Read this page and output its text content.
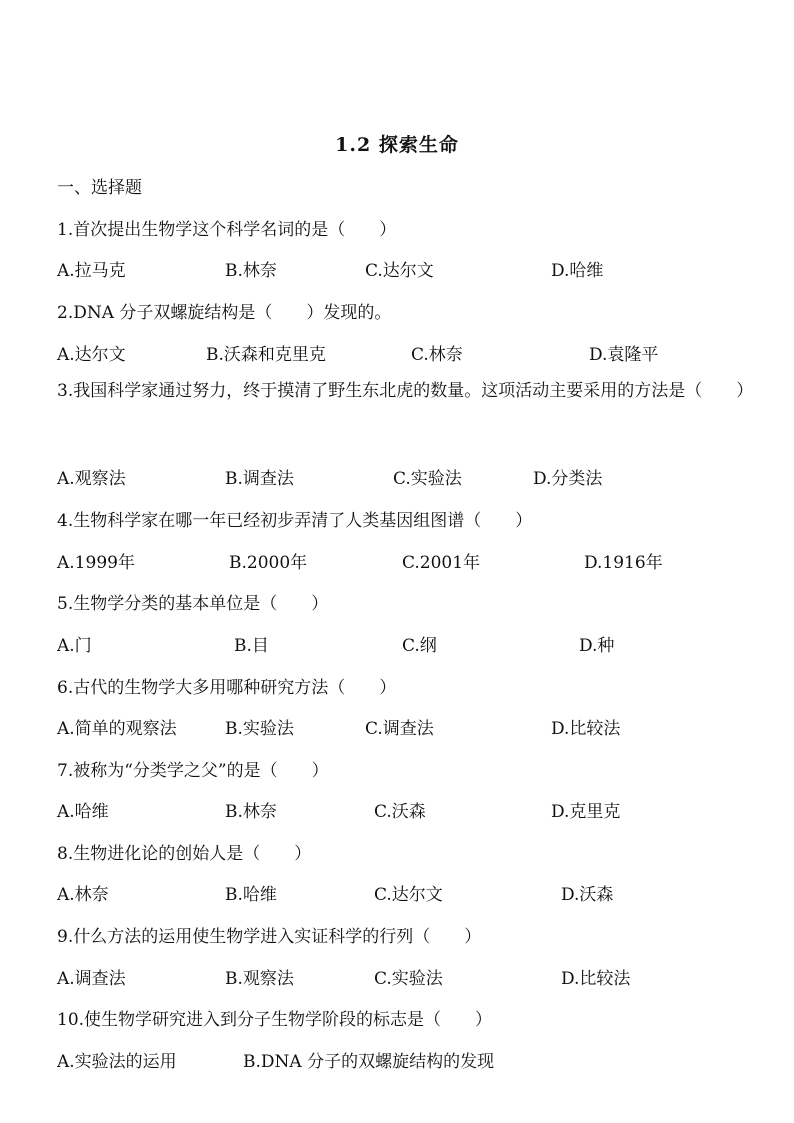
1.2 探索生命
一、选择题
1.首次提出生物学这个科学名词的是（　　）
A.拉马克	B.林奈	C.达尔文	D.哈维
2.DNA 分子双螺旋结构是（　　）发现的。
A.达尔文	B.沃森和克里克	C.林奈	D.袁隆平
3.我国科学家通过努力，终于摸清了野生东北虎的数量。这项活动主要采用的方法是（　　）
A.观察法	B.调查法	C.实验法	D.分类法
4.生物科学家在哪一年已经初步弄清了人类基因组图谱（　　）
A.1999年	B.2000年	C.2001年	D.1916年
5.生物学分类的基本单位是（　　）
A.门	B.目	C.纲	D.种
6.古代的生物学大多用哪种研究方法（　　）
A.简单的观察法	B.实验法	C.调查法	D.比较法
7.被称为“分类学之父”的是（　　）
A.哈维	B.林奈	C.沃森	D.克里克
8.生物进化论的创始人是（　　）
A.林奈	B.哈维	C.达尔文	D.沃森
9.什么方法的运用使生物学进入实证科学的行列（　　）
A.调查法	B.观察法	C.实验法	D.比较法
10.使生物学研究进入到分子生物学阶段的标志是（　　）
A.实验法的运用	B.DNA 分子的双螺旋结构的发现
